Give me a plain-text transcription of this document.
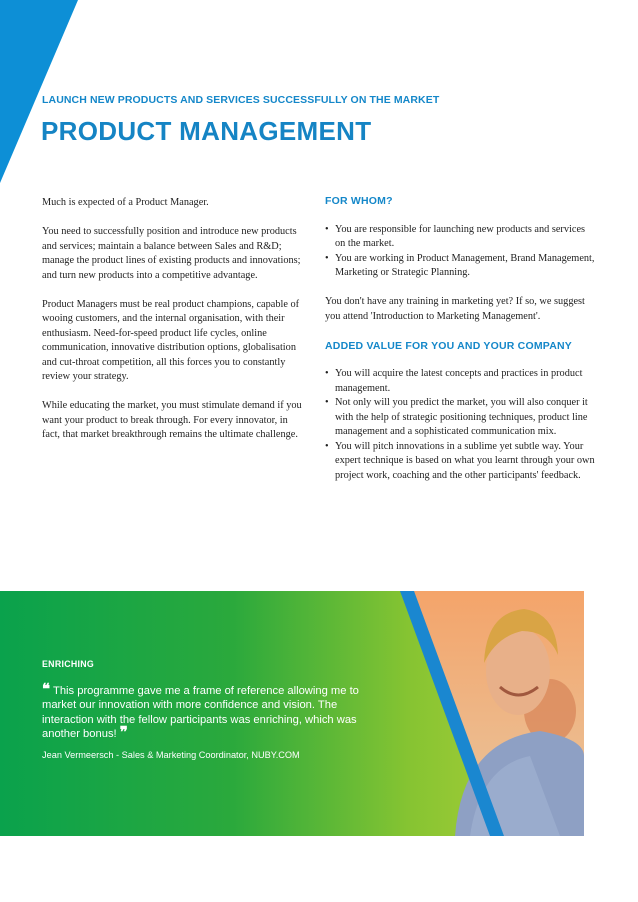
LAUNCH NEW PRODUCTS AND SERVICES SUCCESSFULLY ON THE MARKET
PRODUCT MANAGEMENT

Much is expected of a Product Manager.

You need to successfully position and introduce new products and services; maintain a balance between Sales and R&D; manage the product lines of existing products and innovations; and turn new products into a competitive advantage.

Product Managers must be real product champions, capable of wooing customers, and the internal organisation, with their enthusiasm. Need-for-speed product life cycles, online communication, innovative distribution options, globalisation and cut-throat competition, all this forces you to constantly review your strategy.

While educating the market, you must stimulate demand if you want your product to break through. For every innovator, in fact, that market breakthrough remains the ultimate challenge.

FOR WHOM?
• You are responsible for launching new products and services on the market.
• You are working in Product Management, Brand Management, Marketing or Strategic Planning.

You don't have any training in marketing yet? If so, we suggest you attend 'Introduction to Marketing Management'.

ADDED VALUE FOR YOU AND YOUR COMPANY
• You will acquire the latest concepts and practices in product management.
• Not only will you predict the market, you will also conquer it with the help of strategic positioning techniques, product line management and a sophisticated communication mix.
• You will pitch innovations in a sublime yet subtle way. Your expert technique is based on what you learnt through your own project work, coaching and the other participants' feedback.
ENRICHING
❝ This programme gave me a frame of reference allowing me to market our innovation with more confidence and vision. The interaction with the fellow participants was enriching, which was another bonus! ❞
Jean Vermeersch - Sales & Marketing Coordinator, NUBY.COM
